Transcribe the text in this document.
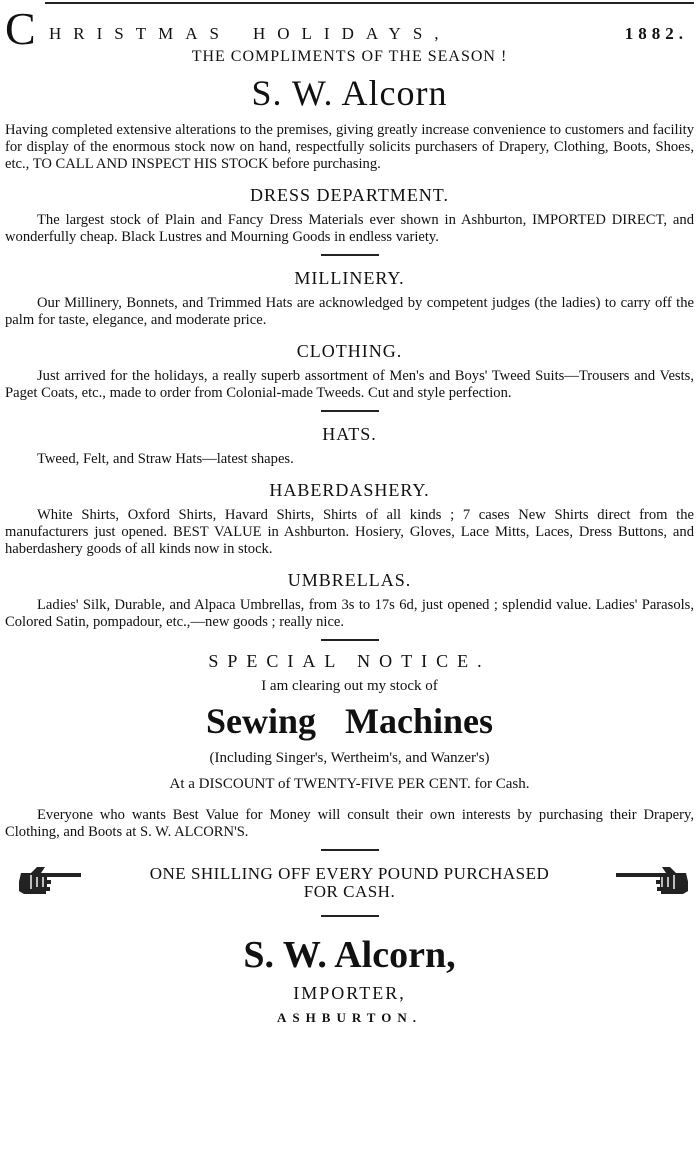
C HRISTMAS HOLIDAYS,	1882.
THE COMPLIMENTS OF THE SEASON !
S. W. Alcorn

Having completed extensive alterations to the premises, giving greatly increase convenience to customers and facility for display of the enormous stock now on hand, respectfully solicits purchasers of Drapery, Clothing, Boots, Shoes, etc., TO CALL AND INSPECT HIS STOCK before purchasing.

DRESS DEPARTMENT.

The largest stock of Plain and Fancy Dress Materials ever shown in Ashburton, IMPORTED DIRECT, and wonderfully cheap. Black Lustres and Mourning Goods in endless variety.

MILLINERY.

Our Millinery, Bonnets, and Trimmed Hats are acknowledged by competent judges (the ladies) to carry off the palm for taste, elegance, and moderate price.

CLOTHING.

Just arrived for the holidays, a really superb assortment of Men's and Boys' Tweed Suits—Trousers and Vests, Paget Coats, etc., made to order from Colonial-made Tweeds. Cut and style perfection.

HATS.

Tweed, Felt, and Straw Hats—latest shapes.

HABERDASHERY.

White Shirts, Oxford Shirts, Havard Shirts, Shirts of all kinds ; 7 cases New Shirts direct from the manufacturers just opened. BEST VALUE in Ashburton. Hosiery, Gloves, Lace Mitts, Laces, Dress Buttons, and haberdashery goods of all kinds now in stock.

UMBRELLAS.

Ladies' Silk, Durable, and Alpaca Umbrellas, from 3s to 17s 6d, just opened ; splendid value. Ladies' Parasols, Colored Satin, pompadour, etc.,—new goods ; really nice.

SPECIAL NOTICE.
I am clearing out my stock of
Sewing Machines
(Including Singer's, Wertheim's, and Wanzer's)
At a DISCOUNT of TWENTY-FIVE PER CENT. for Cash.

Everyone who wants Best Value for Money will consult their own interests by purchasing their Drapery, Clothing, and Boots at S. W. ALCORN'S.

ONE SHILLING OFF EVERY POUND PURCHASED
FOR CASH.
S. W. Alcorn,
IMPORTER,
ASHBURTON.
